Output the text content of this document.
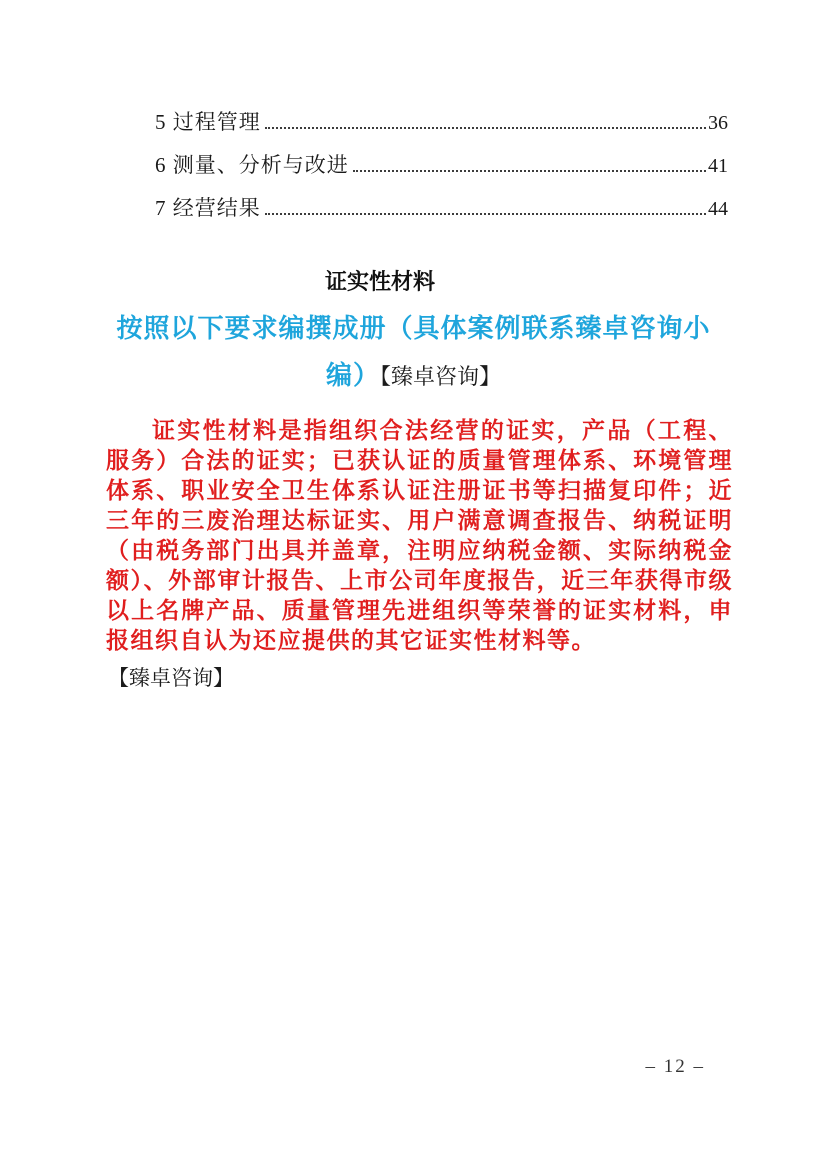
5 过程管理	36
6 测量、分析与改进	41
7 经营结果	44
证实性材料
按照以下要求编撰成册（具体案例联系臻卓咨询小
编）【臻卓咨询】
证实性材料是指组织合法经营的证实，产品（工程、服务）合法的证实；已获认证的质量管理体系、环境管理体系、职业安全卫生体系认证注册证书等扫描复印件；近三年的三废治理达标证实、用户满意调查报告、纳税证明（由税务部门出具并盖章，注明应纳税金额、实际纳税金额）、外部审计报告、上市公司年度报告，近三年获得市级以上名牌产品、质量管理先进组织等荣誉的证实材料，申报组织自认为还应提供的其它证实性材料等。
【臻卓咨询】
– 12 –
